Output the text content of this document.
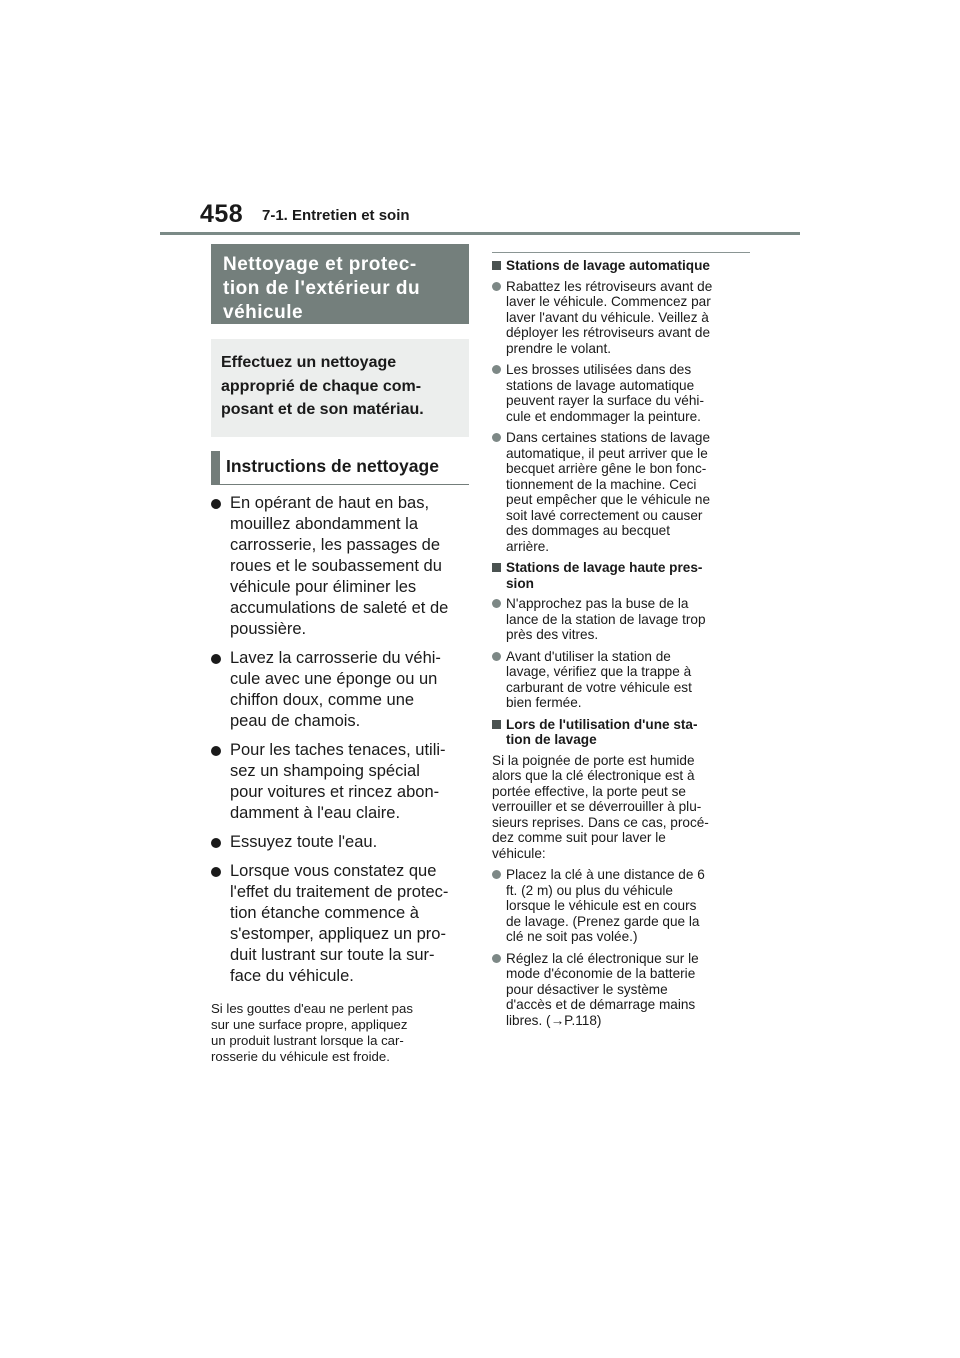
458 7-1. Entretien et soin
Nettoyage et protec-
tion de l'extérieur du
véhicule
Effectuez un nettoyage
approprié de chaque com-
posant et de son matériau.
Instructions de nettoyage
En opérant de haut en bas,
mouillez abondamment la
carrosserie, les passages de
roues et le soubassement du
véhicule pour éliminer les
accumulations de saleté et de
poussière.
Lavez la carrosserie du véhi-
cule avec une éponge ou un
chiffon doux, comme une
peau de chamois.
Pour les taches tenaces, utili-
sez un shampoing spécial
pour voitures et rincez abon-
damment à l'eau claire.
Essuyez toute l'eau.
Lorsque vous constatez que
l'effet du traitement de protec-
tion étanche commence à
s'estomper, appliquez un pro-
duit lustrant sur toute la sur-
face du véhicule.
Si les gouttes d'eau ne perlent pas
sur une surface propre, appliquez
un produit lustrant lorsque la car-
rosserie du véhicule est froide.
Stations de lavage automatique
Rabattez les rétroviseurs avant de
laver le véhicule. Commencez par
laver l'avant du véhicule. Veillez à
déployer les rétroviseurs avant de
prendre le volant.
Les brosses utilisées dans des
stations de lavage automatique
peuvent rayer la surface du véhi-
cule et endommager la peinture.
Dans certaines stations de lavage
automatique, il peut arriver que le
becquet arrière gêne le bon fonc-
tionnement de la machine. Ceci
peut empêcher que le véhicule ne
soit lavé correctement ou causer
des dommages au becquet
arrière.
Stations de lavage haute pres-
sion
N'approchez pas la buse de la
lance de la station de lavage trop
près des vitres.
Avant d'utiliser la station de
lavage, vérifiez que la trappe à
carburant de votre véhicule est
bien fermée.
Lors de l'utilisation d'une sta-
tion de lavage
Si la poignée de porte est humide
alors que la clé électronique est à
portée effective, la porte peut se
verrouiller et se déverrouiller à plu-
sieurs reprises. Dans ce cas, procé-
dez comme suit pour laver le
véhicule:
Placez la clé à une distance de 6
ft. (2 m) ou plus du véhicule
lorsque le véhicule est en cours
de lavage. (Prenez garde que la
clé ne soit pas volée.)
Réglez la clé électronique sur le
mode d'économie de la batterie
pour désactiver le système
d'accès et de démarrage mains
libres. (→P.118)
